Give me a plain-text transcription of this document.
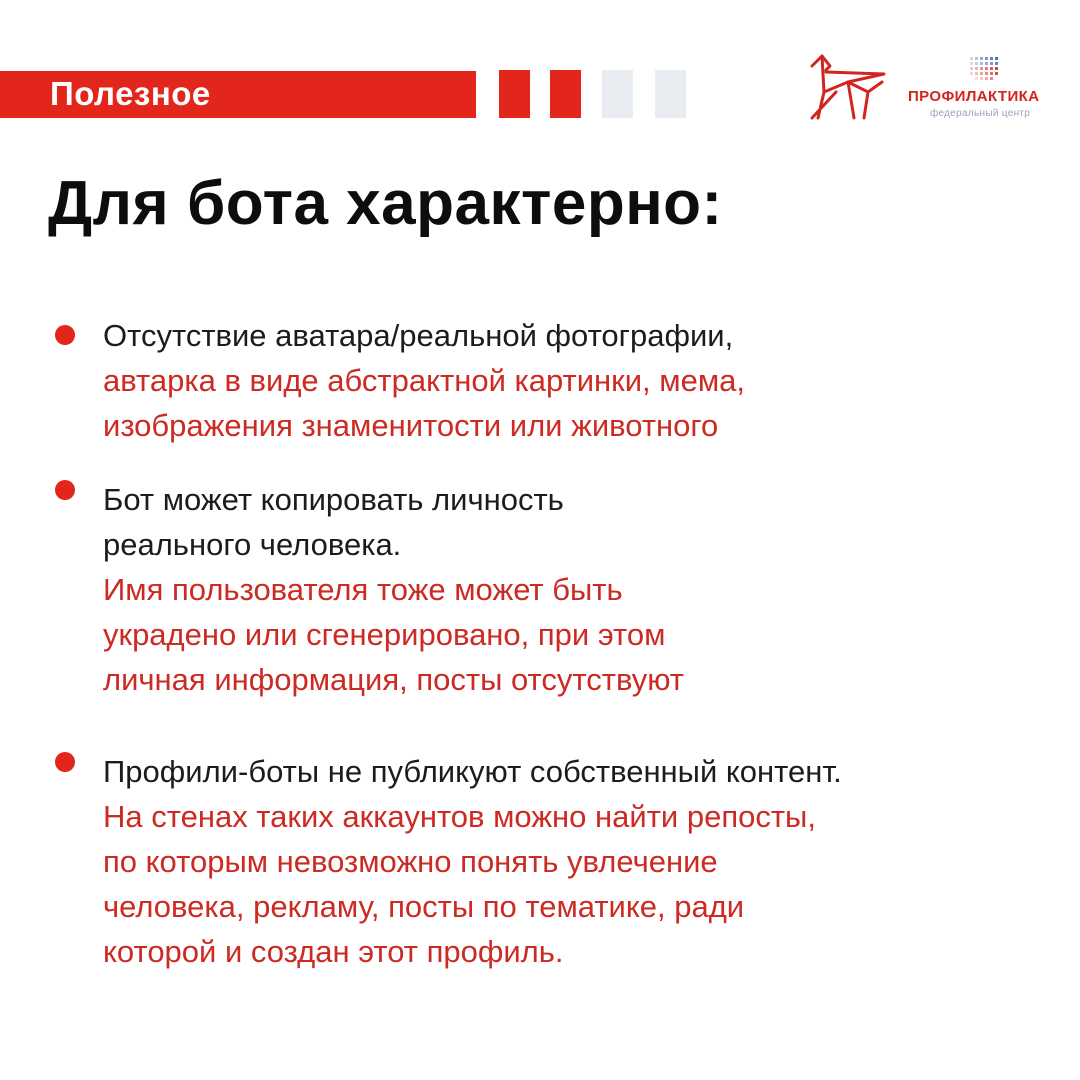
Полезное	ПРОФИЛАКТИКА
федеральный центр
Для бота характерно:
Отсутствие аватара/реальной фотографии,
автарка в виде абстрактной картинки, мема,
изображения знаменитости или животного
Бот может копировать личность
реального человека.
Имя пользователя тоже может быть
украдено или сгенерировано, при этом
личная информация, посты отсутствуют
Профили-боты не публикуют собственный контент.
На стенах таких аккаунтов можно найти репосты,
по которым невозможно понять увлечение
человека, рекламу, посты по тематике, ради
которой и создан этот профиль.
